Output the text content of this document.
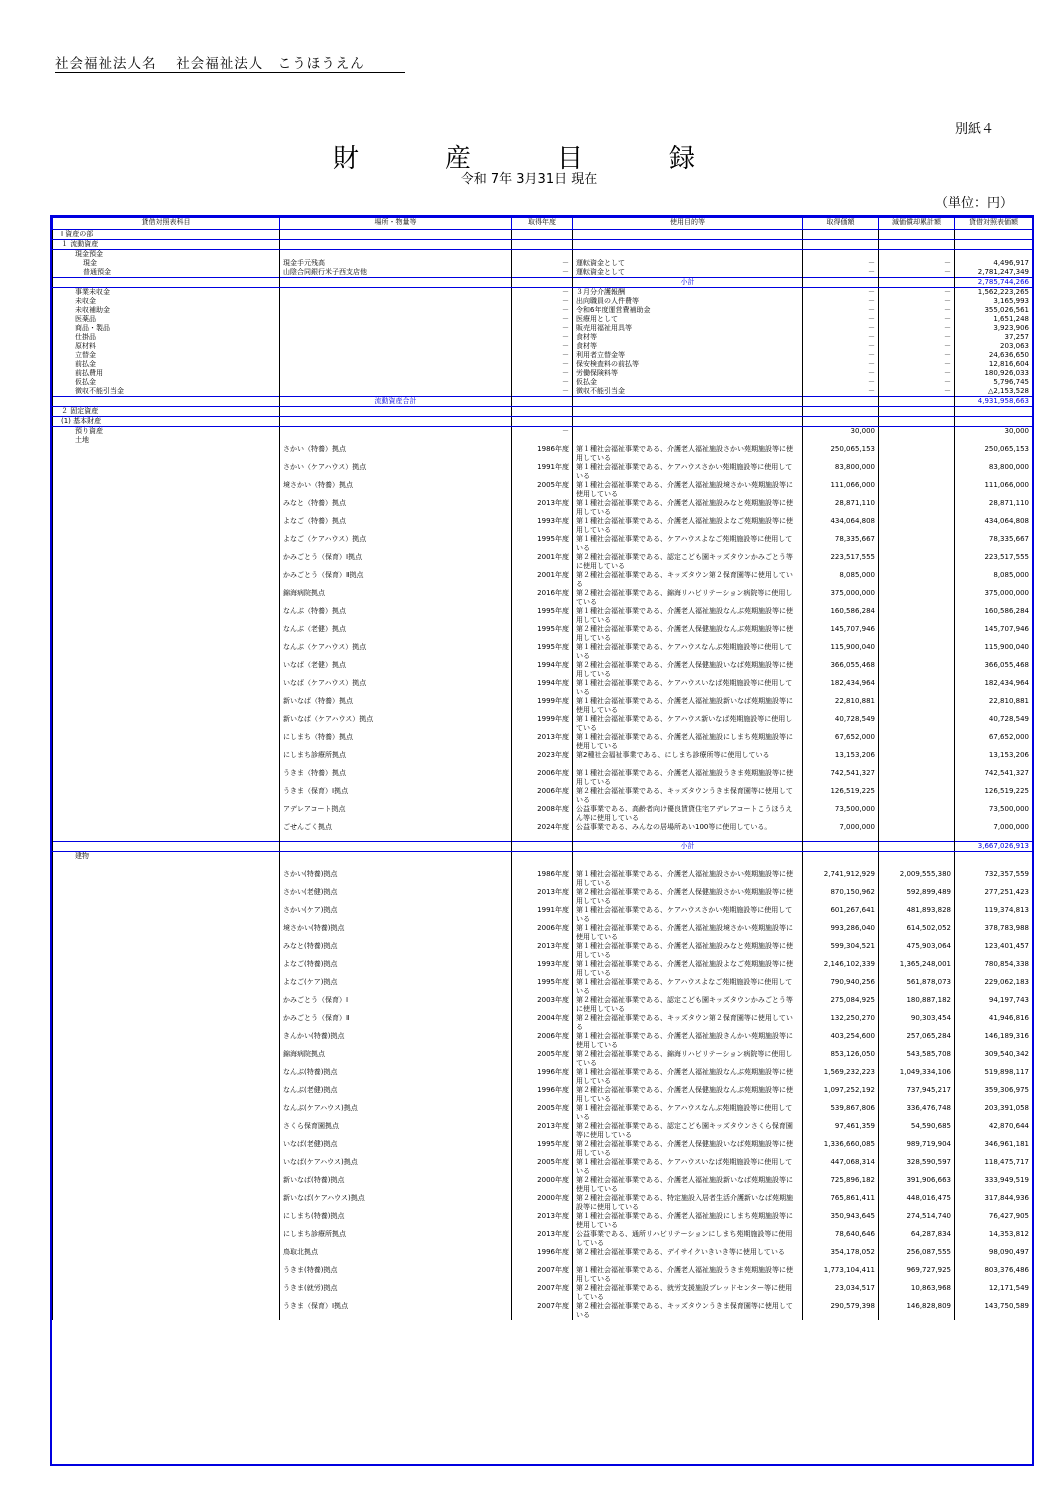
社会福祉法人名　 社会福祉法人　こうほうえん
別紙４
財　産　目　録
令和 7年 3月31日 現在
（単位：円）
貸借対照表科目	場所・物量等	取得年度	使用目的等	取得価額	減価償却累計額	貸借対照表価額
Ⅰ 資産の部						
１ 流動資産						
現金預金						
現金	現金手元残高	－	運転資金として	－	－	4,496,917
普通預金	山陰合同銀行米子西支店他	－	運転資金として	－	－	2,781,247,349
			小計			2,785,744,266
事業未収金		－	３月分介護報酬	－	－	1,562,223,265
未収金		－	出向職員の人件費等	－	－	3,165,993
未収補助金		－	令和6年度運営費補助金	－	－	355,026,561
医薬品		－	医療用として	－	－	1,651,248
商品・製品		－	販売用福祉用具等	－	－	3,923,906
仕掛品		－	食材等	－	－	37,257
原材料		－	食材等	－	－	203,063
立替金		－	利用者立替金等	－	－	24,636,650
前払金		－	保安検査料の前払等	－	－	12,816,604
前払費用		－	労働保険料等	－	－	180,926,033
仮払金		－	仮払金	－	－	5,796,745
徴収不能引当金		－	徴収不能引当金	－	－	△2,153,528
	流動資産合計					4,931,958,663
２ 固定資産						
(1) 基本財産						
預り資産		－		30,000		30,000
土地						
	さかい（特養）拠点	1986年度	第１種社会福祉事業である、介護老人福祉施設さかい苑期施設等に使用している	250,065,153		250,065,153
	さかい（ケアハウス）拠点	1991年度	第１種社会福祉事業である、ケアハウスさかい苑期施設等に使用している	83,800,000		83,800,000
	境さかい（特養）拠点	2005年度	第１種社会福祉事業である、介護老人福祉施設境さかい苑期施設等に使用している	111,066,000		111,066,000
	みなと（特養）拠点	2013年度	第１種社会福祉事業である、介護老人福祉施設みなと苑期施設等に使用している	28,871,110		28,871,110
	よなご（特養）拠点	1993年度	第１種社会福祉事業である、介護老人福祉施設よなご苑期施設等に使用している	434,064,808		434,064,808
	よなご（ケアハウス）拠点	1995年度	第１種社会福祉事業である、ケアハウスよなご苑期施設等に使用している	78,335,667		78,335,667
	かみごとう（保育）Ⅰ拠点	2001年度	第２種社会福祉事業である、認定こども園キッズタウンかみごとう等に使用している	223,517,555		223,517,555
	かみごとう（保育）Ⅱ拠点	2001年度	第２種社会福祉事業である、キッズタウン第２保育園等に使用している	8,085,000		8,085,000
	錦海病院拠点	2016年度	第２種社会福祉事業である、錦海リハビリテーション病院等に使用している	375,000,000		375,000,000
	なんぶ（特養）拠点	1995年度	第１種社会福祉事業である、介護老人福祉施設なんぶ苑期施設等に使用している	160,586,284		160,586,284
	なんぶ（老健）拠点	1995年度	第２種社会福祉事業である、介護老人保健施設なんぶ苑期施設等に使用している	145,707,946		145,707,946
	なんぶ（ケアハウス）拠点	1995年度	第１種社会福祉事業である、ケアハウスなんぶ苑期施設等に使用している	115,900,040		115,900,040
	いなば（老健）拠点	1994年度	第２種社会福祉事業である、介護老人保健施設いなば苑期施設等に使用している	366,055,468		366,055,468
	いなば（ケアハウス）拠点	1994年度	第１種社会福祉事業である、ケアハウスいなば苑期施設等に使用している	182,434,964		182,434,964
	新いなば（特養）拠点	1999年度	第１種社会福祉事業である、介護老人福祉施設新いなば苑期施設等に使用している	22,810,881		22,810,881
	新いなば（ケアハウス）拠点	1999年度	第１種社会福祉事業である、ケアハウス新いなば苑期施設等に使用している	40,728,549		40,728,549
	にしまち（特養）拠点	2013年度	第１種社会福祉事業である、介護老人福祉施設にしまち苑期施設等に使用している	67,652,000		67,652,000
	にしまち診療所拠点	2023年度	第2種社会福祉事業である、にしまち診療所等に使用している	13,153,206		13,153,206
	うきま（特養）拠点	2006年度	第１種社会福祉事業である、介護老人福祉施設うきま苑期施設等に使用している	742,541,327		742,541,327
	うきま（保育）Ⅰ拠点	2006年度	第２種社会福祉事業である、キッズタウンうきま保育園等に使用している	126,519,225		126,519,225
	アデレアコート拠点	2008年度	公益事業である、高齢者向け優良賃貸住宅アデレアコートこうほうえん等に使用している	73,500,000		73,500,000
	ごせんごく拠点	2024年度	公益事業である、みんなの居場所あい100等に使用している。	7,000,000		7,000,000
			小計			3,667,026,913
建物						
	さかい(特養)拠点	1986年度	第１種社会福祉事業である、介護老人福祉施設さかい苑期施設等に使用している	2,741,912,929	2,009,555,380	732,357,559
	さかい(老健)拠点	2013年度	第２種社会福祉事業である、介護老人保健施設さかい苑期施設等に使用している	870,150,962	592,899,489	277,251,423
	さかい(ケア)拠点	1991年度	第１種社会福祉事業である、ケアハウスさかい苑期施設等に使用している	601,267,641	481,893,828	119,374,813
	境さかい(特養)拠点	2006年度	第１種社会福祉事業である、介護老人福祉施設境さかい苑期施設等に使用している	993,286,040	614,502,052	378,783,988
	みなと(特養)拠点	2013年度	第１種社会福祉事業である、介護老人福祉施設みなと苑期施設等に使用している	599,304,521	475,903,064	123,401,457
	よなご(特養)拠点	1993年度	第１種社会福祉事業である、介護老人福祉施設よなご苑期施設等に使用している	2,146,102,339	1,365,248,001	780,854,338
	よなご(ケア)拠点	1995年度	第１種社会福祉事業である、ケアハウスよなご苑期施設等に使用している	790,940,256	561,878,073	229,062,183
	かみごとう（保育）Ⅰ	2003年度	第２種社会福祉事業である、認定こども園キッズタウンかみごとう等に使用している	275,084,925	180,887,182	94,197,743
	かみごとう（保育）Ⅱ	2004年度	第２種社会福祉事業である、キッズタウン第２保育園等に使用している	132,250,270	90,303,454	41,946,816
	きんかい(特養)拠点	2006年度	第１種社会福祉事業である、介護老人福祉施設きんかい苑期施設等に使用している	403,254,600	257,065,284	146,189,316
	錦海病院拠点	2005年度	第２種社会福祉事業である、錦海リハビリテーション病院等に使用している	853,126,050	543,585,708	309,540,342
	なんぶ(特養)拠点	1996年度	第１種社会福祉事業である、介護老人福祉施設なんぶ苑期施設等に使用している	1,569,232,223	1,049,334,106	519,898,117
	なんぶ(老健)拠点	1996年度	第２種社会福祉事業である、介護老人保健施設なんぶ苑期施設等に使用している	1,097,252,192	737,945,217	359,306,975
	なんぶ(ケアハウス)拠点	2005年度	第１種社会福祉事業である、ケアハウスなんぶ苑期施設等に使用している	539,867,806	336,476,748	203,391,058
	さくら保育園拠点	2013年度	第２種社会福祉事業である、認定こども園キッズタウンさくら保育園等に使用している	97,461,359	54,590,685	42,870,644
	いなば(老健)拠点	1995年度	第２種社会福祉事業である、介護老人保健施設いなば苑期施設等に使用している	1,336,660,085	989,719,904	346,961,181
	いなば(ケアハウス)拠点	2005年度	第１種社会福祉事業である、ケアハウスいなば苑期施設等に使用している	447,068,314	328,590,597	118,475,717
	新いなば(特養)拠点	2000年度	第２種社会福祉事業である、介護老人福祉施設新いなば苑期施設等に使用している	725,896,182	391,906,663	333,949,519
	新いなば(ケアハウス)拠点	2000年度	第２種社会福祉事業である、特定施設入居者生活介護新いなば苑期施設等に使用している	765,861,411	448,016,475	317,844,936
	にしまち(特養)拠点	2013年度	第１種社会福祉事業である、介護老人福祉施設にしまち苑期施設等に使用している	350,943,645	274,514,740	76,427,905
	にしまち診療所拠点	2013年度	公益事業である、通所リハビリテーションにしまち苑期施設等に使用している	78,640,646	64,287,834	14,353,812
	鳥取北拠点	1996年度	第２種社会福祉事業である、デイサイクいきいき等に使用している	354,178,052	256,087,555	98,090,497
	うきま(特養)拠点	2007年度	第１種社会福祉事業である、介護老人福祉施設うきま苑期施設等に使用している	1,773,104,411	969,727,925	803,376,486
	うきま(就労)拠点	2007年度	第２種社会福祉事業である、就労支援施設ブレッドセンター等に使用している	23,034,517	10,863,968	12,171,549
	うきま（保育）Ⅰ拠点	2007年度	第２種社会福祉事業である、キッズタウンうきま保育園等に使用している	290,579,398	146,828,809	143,750,589
